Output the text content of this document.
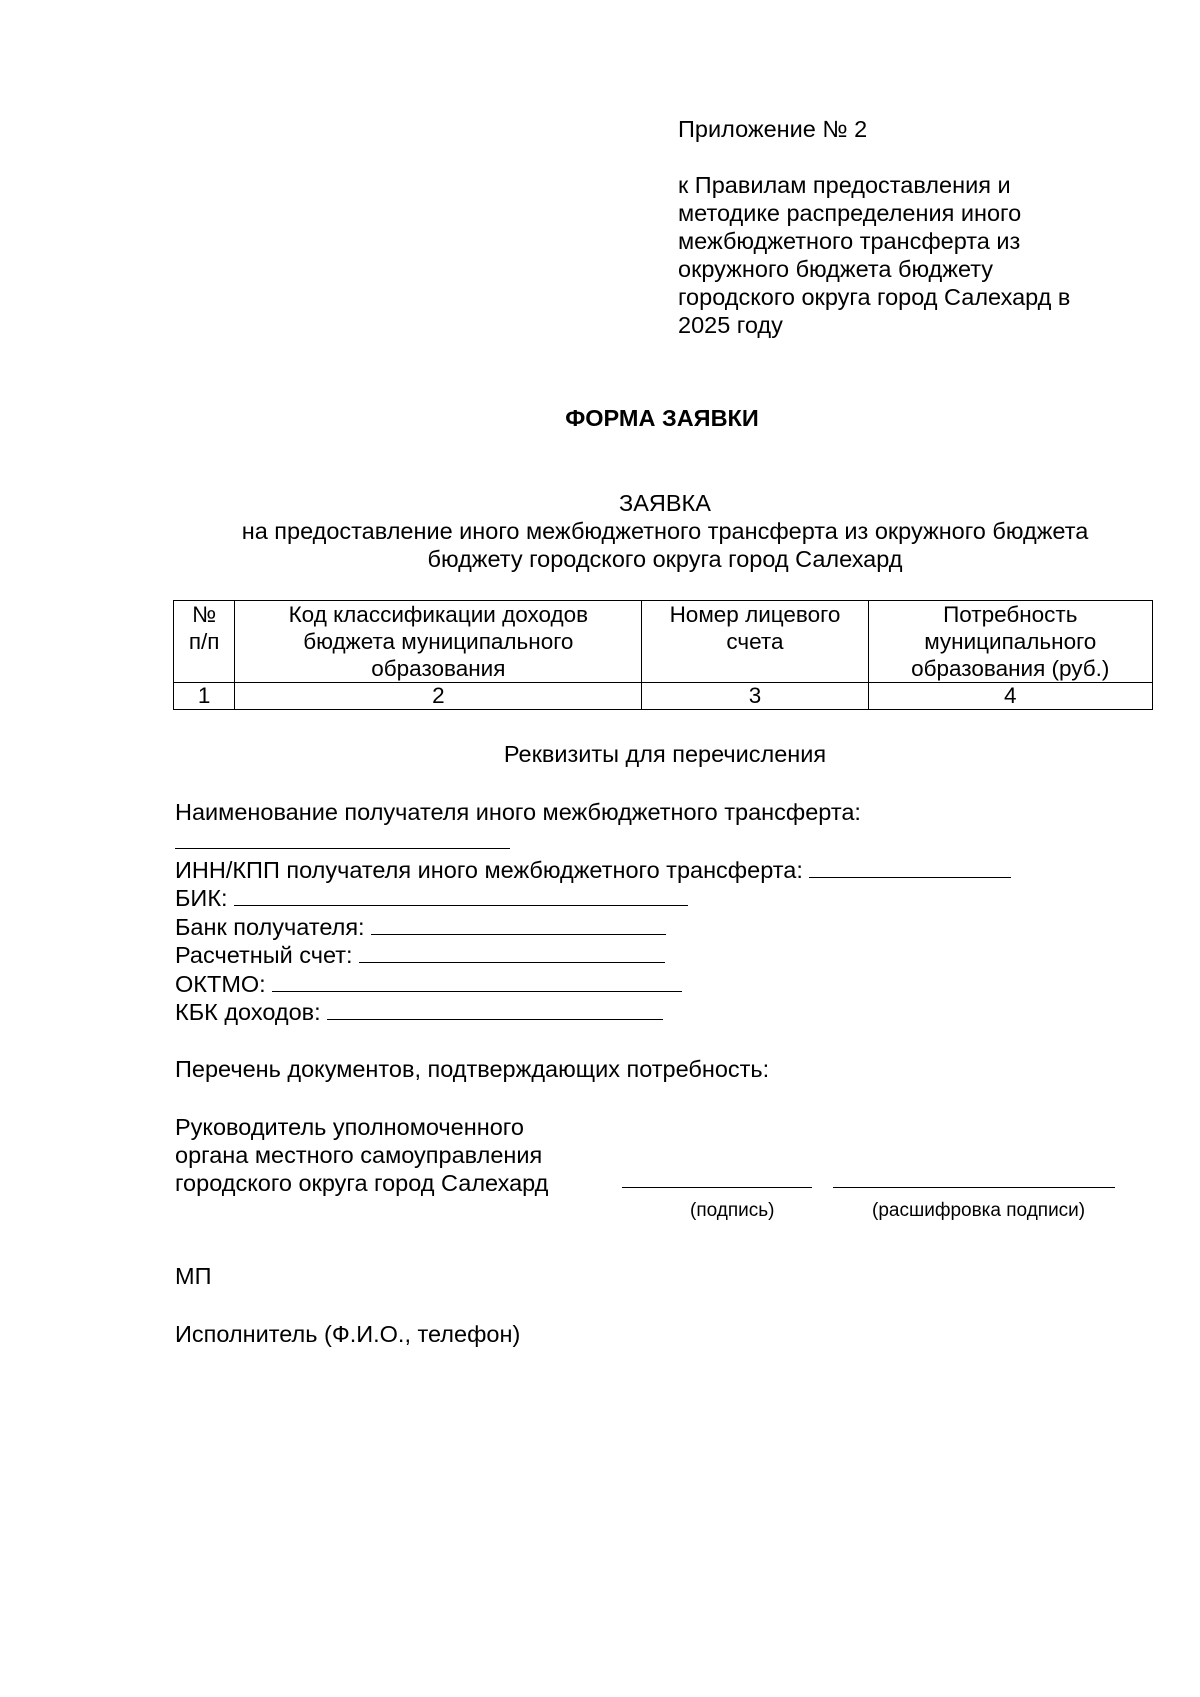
Приложение № 2
к Правилам предоставления и
методике распределения иного
межбюджетного трансферта из
окружного бюджета бюджету
городского округа город Салехард в
2025 году
ФОРМА ЗАЯВКИ
ЗАЯВКА
на предоставление иного межбюджетного трансферта из окружного бюджета
бюджету городского округа город Салехард
№ п/п	Код классификации доходов бюджета муниципального образования	Номер лицевого счета	Потребность муниципального образования (руб.)
1	2	3	4
Реквизиты для перечисления
Наименование получателя иного межбюджетного трансферта:
ИНН/КПП получателя иного межбюджетного трансферта:
БИК:
Банк получателя:
Расчетный счет:
ОКТМО:
КБК доходов:
Перечень документов, подтверждающих потребность:
Руководитель уполномоченного
органа местного самоуправления
городского округа город Салехард
(подпись)	(расшифровка подписи)
МП
Исполнитель (Ф.И.О., телефон)
